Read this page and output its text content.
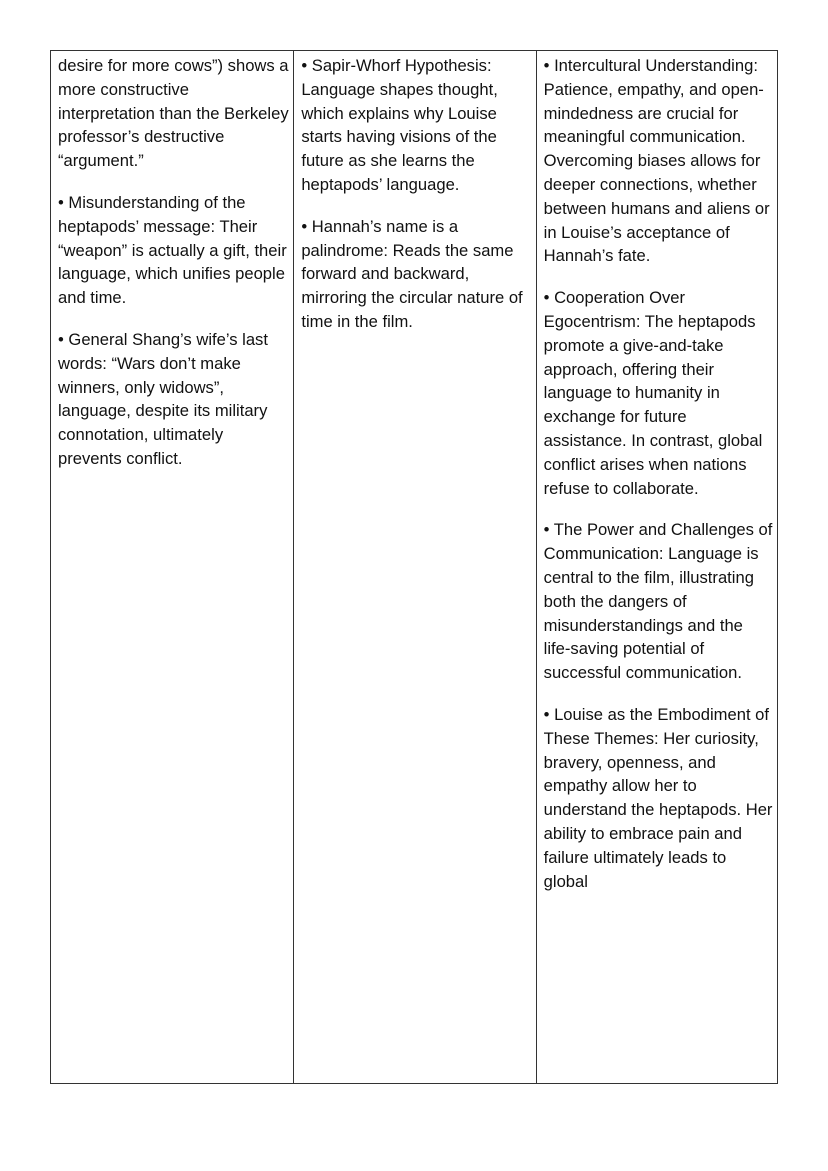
desire for more cows”) shows a more constructive interpretation than the Berkeley professor’s destructive “argument.”

• Misunderstanding of the heptapods’ message: Their “weapon” is actually a gift, their language, which unifies people and time.

• General Shang’s wife’s last words: “Wars don’t make winners, only widows”, language, despite its military connotation, ultimately prevents conflict.

• Sapir-Whorf Hypothesis: Language shapes thought, which explains why Louise starts having visions of the future as she learns the heptapods’ language.

• Hannah’s name is a palindrome: Reads the same forward and backward, mirroring the circular nature of time in the film.

• Intercultural Understanding: Patience, empathy, and open-mindedness are crucial for meaningful communication. Overcoming biases allows for deeper connections, whether between humans and aliens or in Louise’s acceptance of Hannah’s fate.

• Cooperation Over Egocentrism: The heptapods promote a give-and-take approach, offering their language to humanity in exchange for future assistance. In contrast, global conflict arises when nations refuse to collaborate.

• The Power and Challenges of Communication: Language is central to the film, illustrating both the dangers of misunderstandings and the life-saving potential of successful communication.

• Louise as the Embodiment of These Themes: Her curiosity, bravery, openness, and empathy allow her to understand the heptapods. Her ability to embrace pain and failure ultimately leads to global
